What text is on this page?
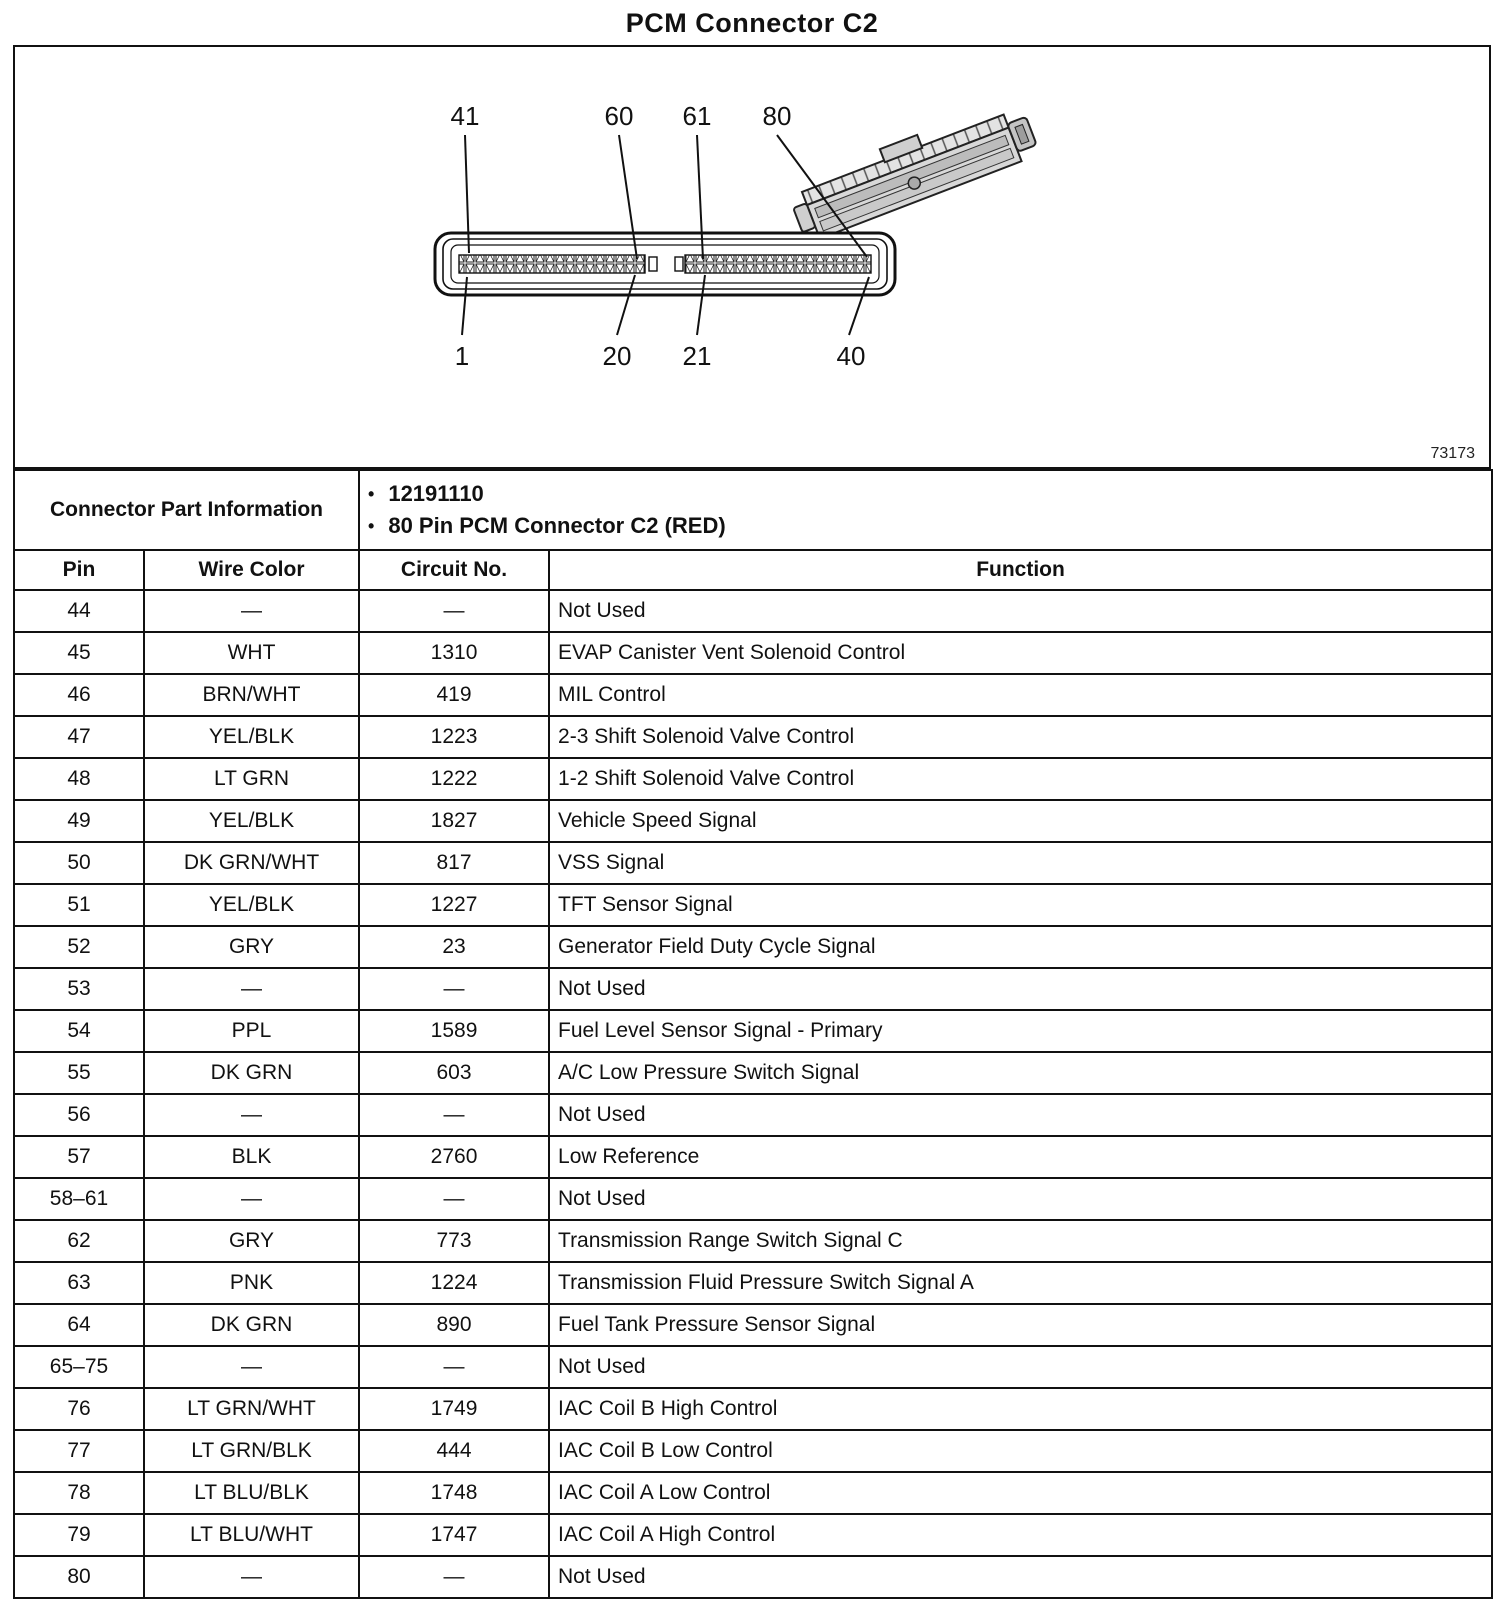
PCM Connector C2
41	60 61 80
1	20 21	40
73173
Connector Part Information		• 12191110
• 80 Pin PCM Connector C2 (RED)	

Pin	Wire Color	Circuit No.	Function
44	—	—	Not Used
45	WHT	1310	EVAP Canister Vent Solenoid Control
46	BRN/WHT	419	MIL Control
47	YEL/BLK	1223	2-3 Shift Solenoid Valve Control
48	LT GRN	1222	1-2 Shift Solenoid Valve Control
49	YEL/BLK	1827	Vehicle Speed Signal
50	DK GRN/WHT	817	VSS Signal
51	YEL/BLK	1227	TFT Sensor Signal
52	GRY	23	Generator Field Duty Cycle Signal
53	—	—	Not Used
54	PPL	1589	Fuel Level Sensor Signal - Primary
55	DK GRN	603	A/C Low Pressure Switch Signal
56	—	—	Not Used
57	BLK	2760	Low Reference
58–61	—	—	Not Used
62	GRY	773	Transmission Range Switch Signal C
63	PNK	1224	Transmission Fluid Pressure Switch Signal A
64	DK GRN	890	Fuel Tank Pressure Sensor Signal
65–75	—	—	Not Used
76	LT GRN/WHT	1749	IAC Coil B High Control
77	LT GRN/BLK	444	IAC Coil B Low Control
78	LT BLU/BLK	1748	IAC Coil A Low Control
79	LT BLU/WHT	1747	IAC Coil A High Control
80	—	—	Not Used
